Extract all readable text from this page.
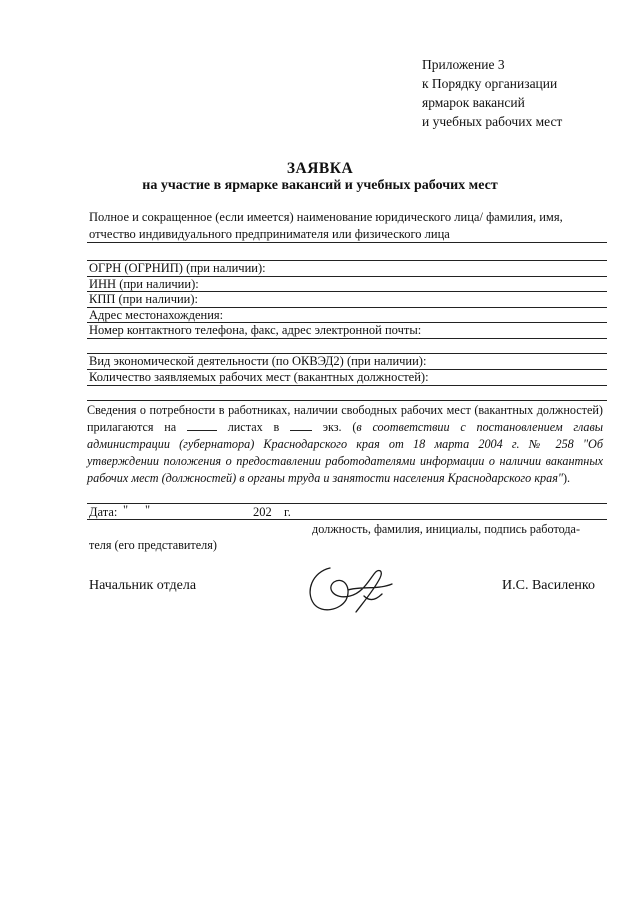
Приложение 3
к Порядку организации
ярмарок вакансий
и учебных рабочих мест
ЗАЯВКА
на участие в ярмарке вакансий и учебных рабочих мест
Полное и сокращенное (если имеется) наименование юридического лица/ фамилия, имя,
отчество индивидуального предпринимателя или физического лица
ОГРН (ОГРНИП) (при наличии):
ИНН (при наличии):
КПП (при наличии):
Адрес местонахождения:
Номер контактного телефона, факс, адрес электронной почты:
Вид экономической деятельности (по ОКВЭД2) (при наличии):
Количество заявляемых рабочих мест (вакантных должностей):
Сведения о потребности в работниках, наличии свободных рабочих мест (вакантных должностей) прилагаются на	листах в	экз. (в соответствии с постановлением главы администрации (губернатора) Краснодарского края от 18 марта 2004 г. № 258 "Об утверждении положения о предоставлении работодателями информации о наличии вакантных рабочих мест (должностей) в органы труда и занятости населения Краснодарского края").
Дата: " "	202 г.
должность, фамилия, инициалы, подпись работода-
теля (его представителя)
Начальник отдела	И.С. Василенко
